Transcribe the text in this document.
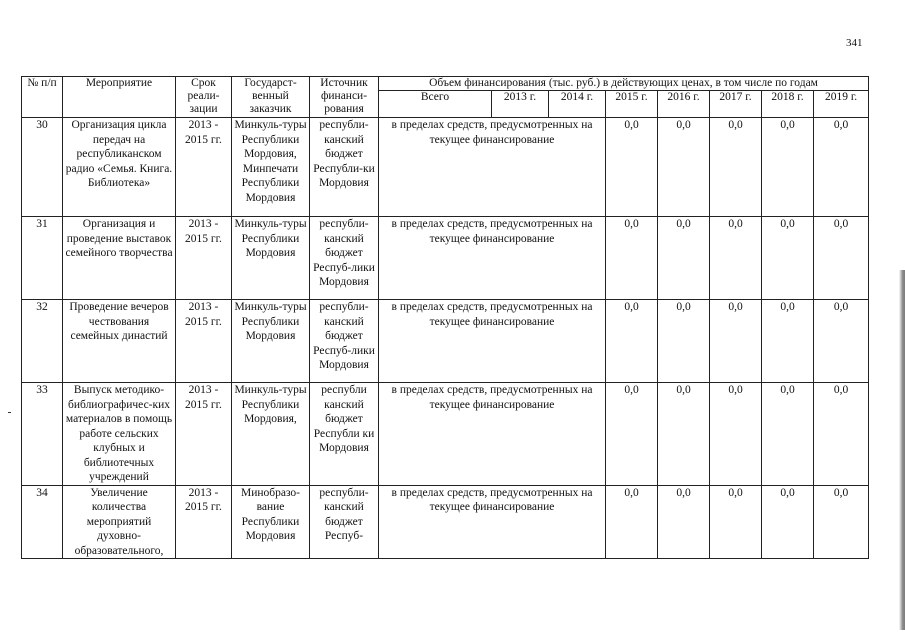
341
№ п/п	Мероприятие	Срок реали-зации	Государст-венный заказчик	Источник финанси-рования	Объем финансирования (тыс. руб.) в действующих ценах, в том числе по годам								
					Всего	2013 г.	2014 г.	2015 г.	2016 г.	2017 г.	2018 г.	2019 г.	
30	Организация цикла передач на республиканском радио «Семья. Книга. Библиотека»	2013 - 2015 гг.	Минкуль-туры Республики Мордовия, Минпечати Республики Мордовия	республи-канский бюджет Республи-ки Мордовия	в пределах средств, предусмотренных на текущее финансирование			0,0	0,0	0,0	0,0	0,0	
31	Организация и проведение выставок семейного творчества	2013 - 2015 гг.	Минкуль-туры Республики Мордовия	республи-канский бюджет Респуб-лики Мордовия	в пределах средств, предусмотренных на текущее финансирование			0,0	0,0	0,0	0,0	0,0	
32	Проведение вечеров чествования семейных династий	2013 - 2015 гг.	Минкуль-туры Республики Мордовия	республи-канский бюджет Респуб-лики Мордовия	в пределах средств, предусмотренных на текущее финансирование			0,0	0,0	0,0	0,0	0,0	
33	Выпуск методико-библиографичес-ких материалов в помощь работе сельских клубных и библиотечных учреждений	2013 - 2015 гг.	Минкуль-туры Республики Мордовия,	республи канский бюджет Республи ки Мордовия	в пределах средств, предусмотренных на текущее финансирование			0,0	0,0	0,0	0,0	0,0	
34	Увеличение количества мероприятий духовно-образовательного,	2013 - 2015 гг.	Минобразо-вание Республики Мордовия	республи-канский бюджет Респуб-	в пределах средств, предусмотренных на текущее финансирование			0,0	0,0	0,0	0,0	0,0	
